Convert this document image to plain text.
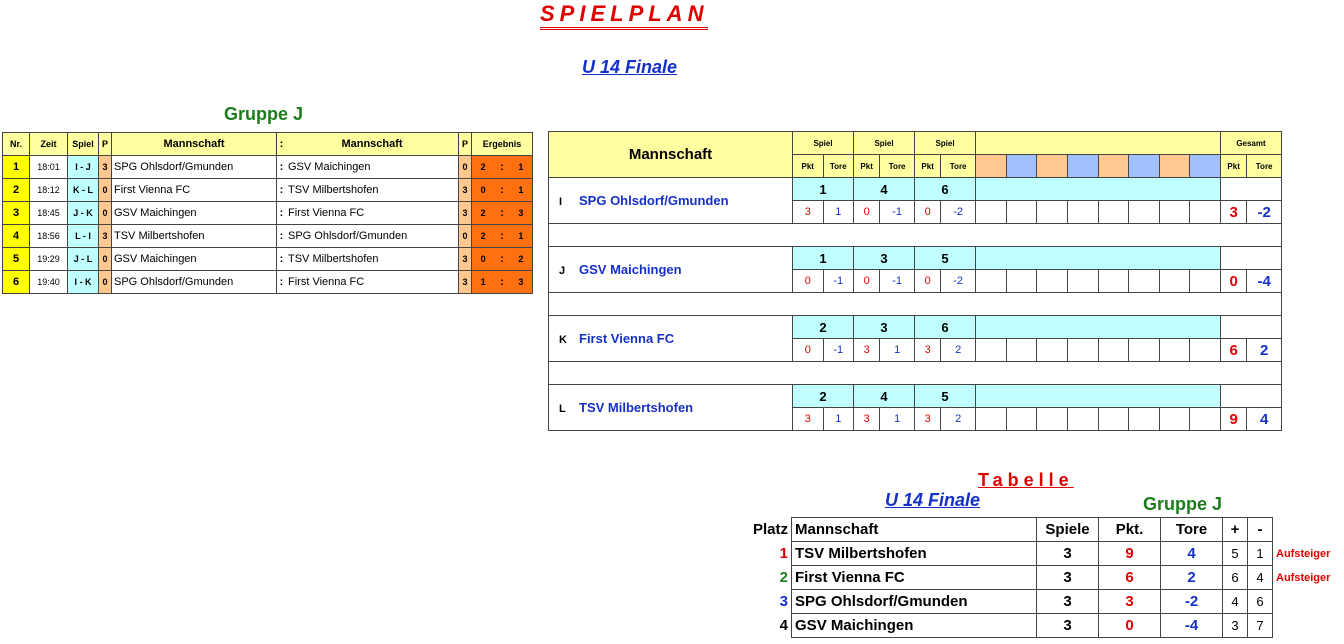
SPIELPLAN
U 14 Finale
Gruppe J
Nr.	Zeit	Spiel	P	Mannschaft	:	Mannschaft	P	Ergebnis		
1	18:01	I - J	3	SPG Ohlsdorf/Gmunden	:	GSV Maichingen	0	2	:	1
2	18:12	K - L	0	First Vienna FC	:	TSV Milbertshofen	3	0	:	1
3	18:45	J - K	0	GSV Maichingen	:	First Vienna FC	3	2	:	3
4	18:56	L - I	3	TSV Milbertshofen	:	SPG Ohlsdorf/Gmunden	0	2	:	1
5	19:29	J - L	0	GSV Maichingen	:	TSV Milbertshofen	3	0	:	2
6	19:40	I - K	0	SPG Ohlsdorf/Gmunden	:	First Vienna FC	3	1	:	3
Mannschaft	Spiel		Spiel		Spiel										Gesamt	
	Pkt	Tore	Pkt	Tore	Pkt	Tore									Pkt	Tore
I SPG Ohlsdorf/Gmunden	1		4		6											
	3	1	0	-1	0	-2									3	-2

J GSV Maichingen	1		3		5											
	0	-1	0	-1	0	-2									0	-4

K First Vienna FC	2		3		6											
	0	-1	3	1	3	2									6	2

L TSV Milbertshofen	2		4		5											
	3	1	3	1	3	2									9	4
Tabelle
U 14 Finale	Gruppe J
Platz	Mannschaft	Spiele	Pkt.	Tore	+	-	
1	TSV Milbertshofen	3	9	4	5	1	Aufsteiger
2	First Vienna FC	3	6	2	6	4	Aufsteiger
3	SPG Ohlsdorf/Gmunden	3	3	-2	4	6	
4	GSV Maichingen	3	0	-4	3	7	
